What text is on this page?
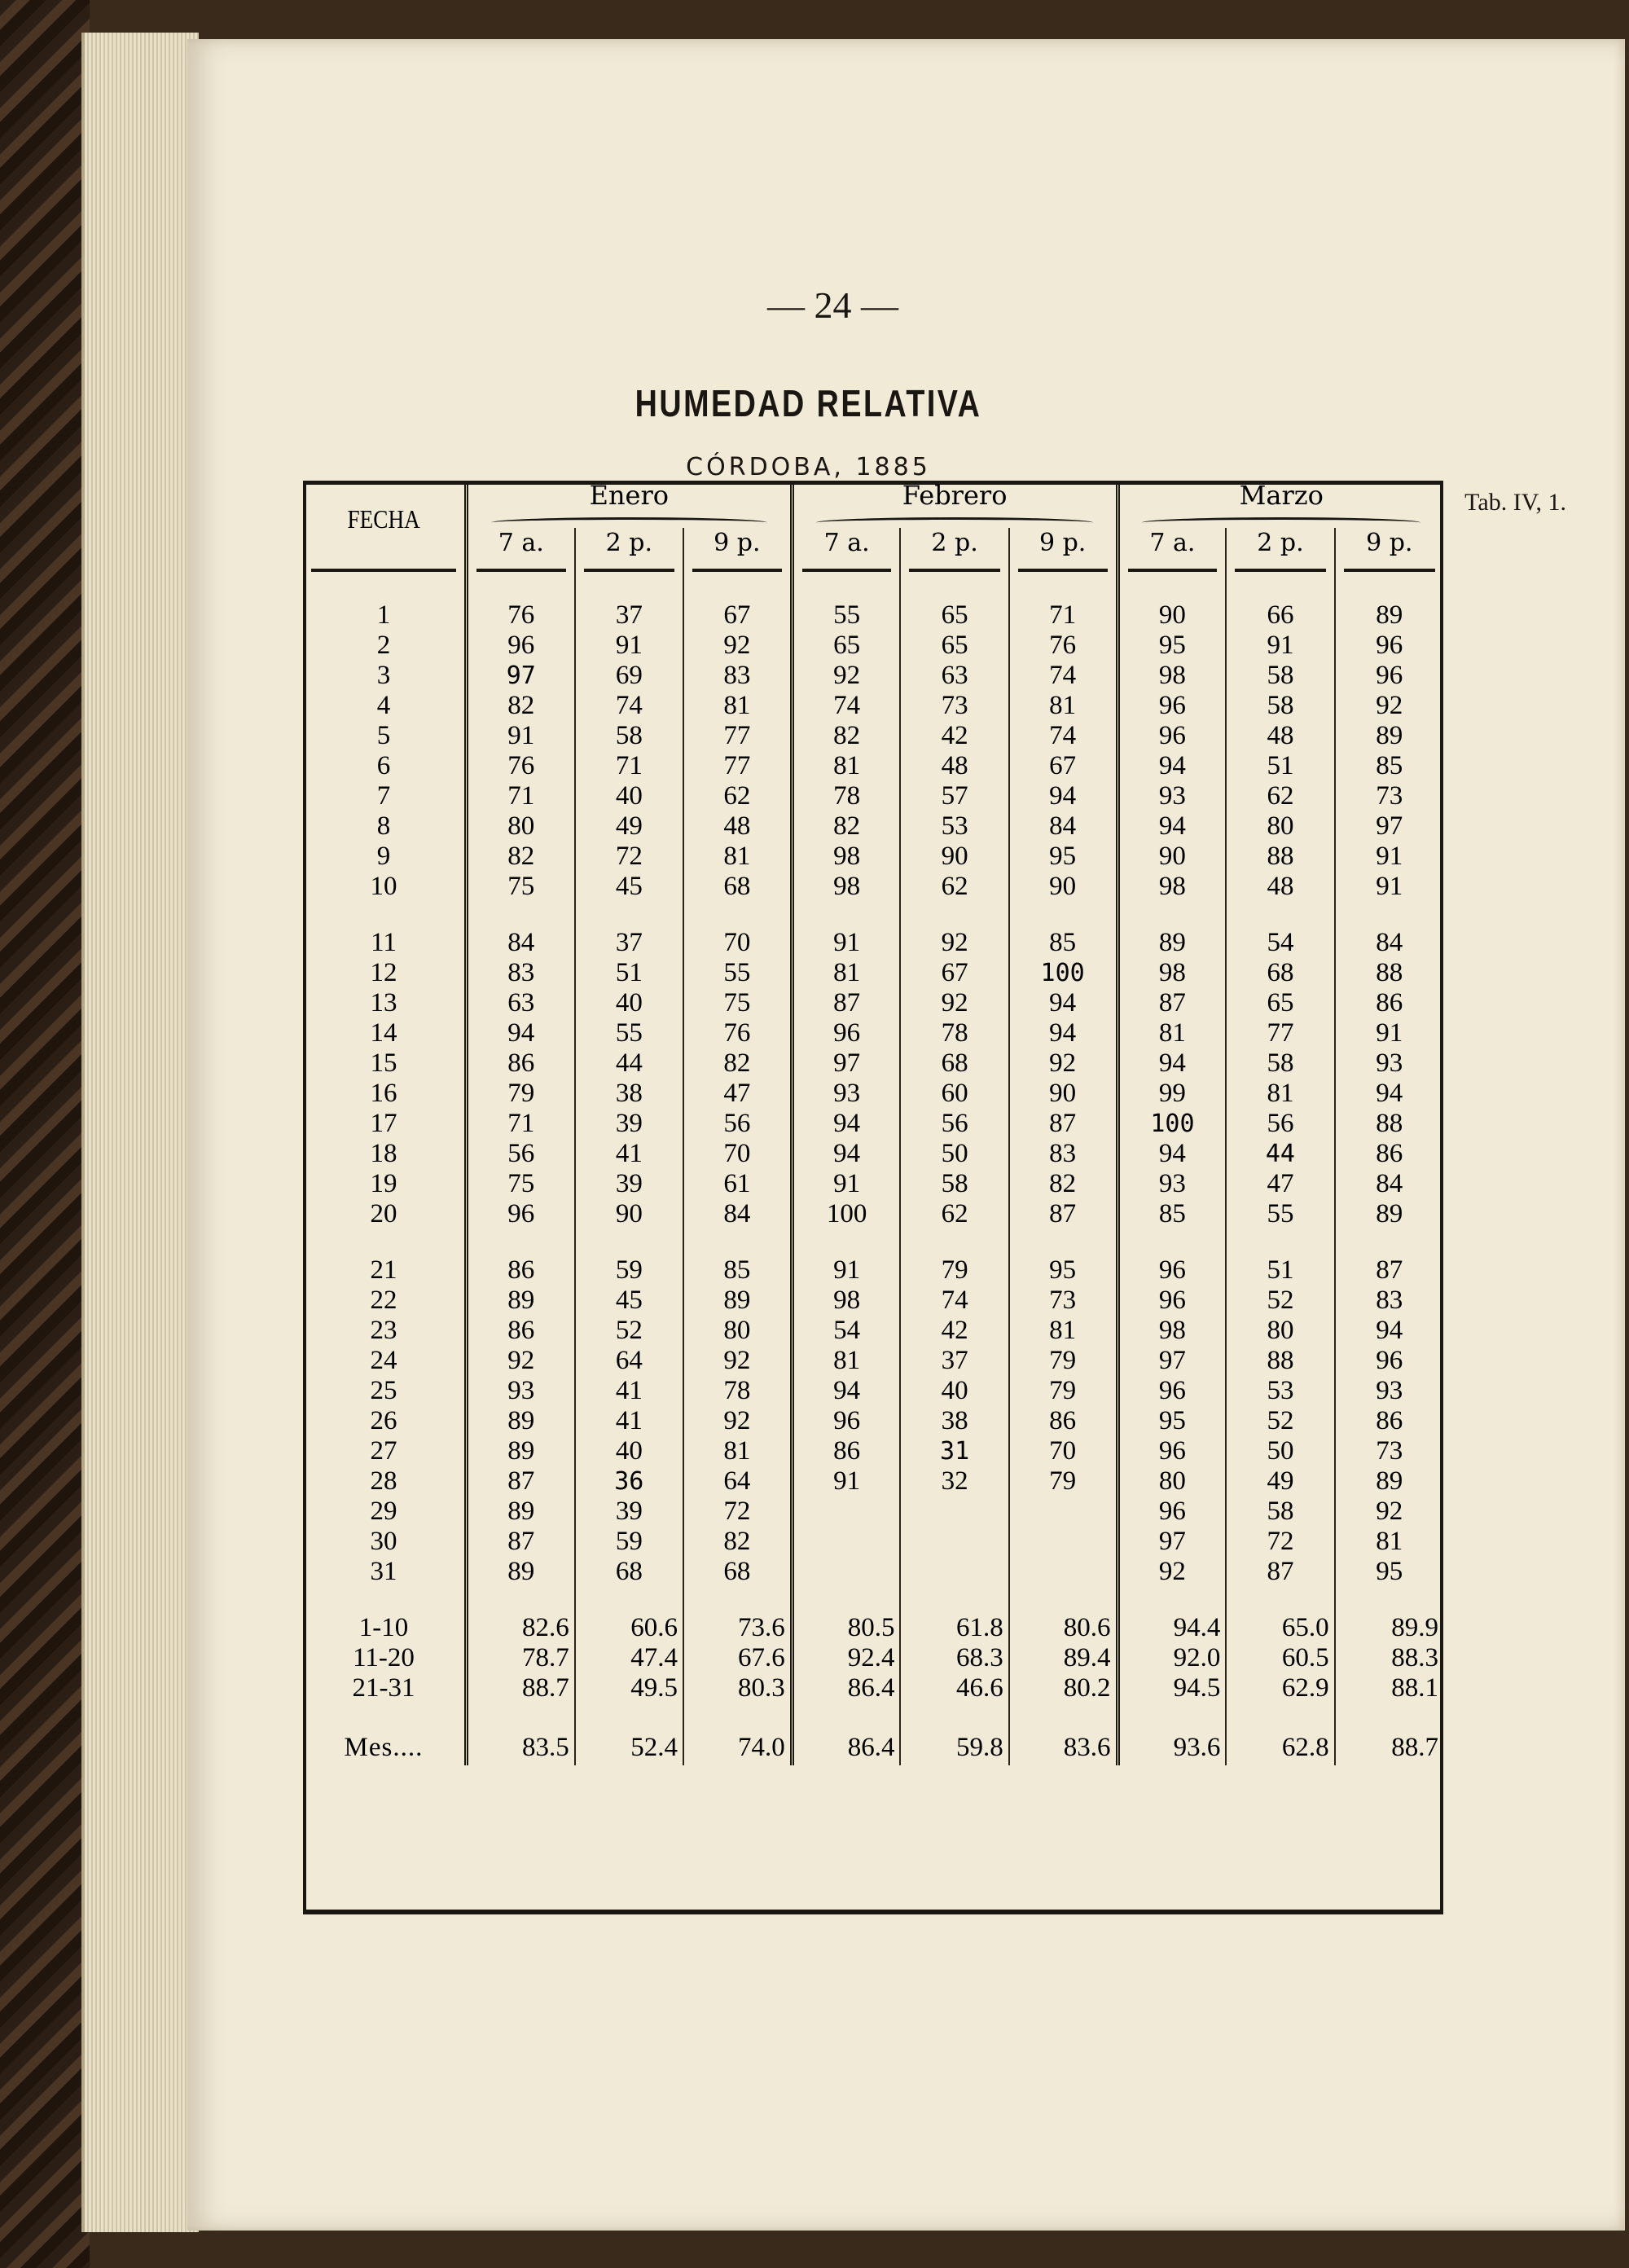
— 24 —
HUMEDAD RELATIVA
CÓRDOBA, 1885
Tab. IV, 1.
FECHA	Enero			Febrero			Marzo		

	7 a.	2 p.	9 p.	7 a.	2 p.	9 p.	7 a.	2 p.	9 p.

1	76	37	67	55	65	71	90	66	89
2	96	91	92	65	65	76	95	91	96
3	97	69	83	92	63	74	98	58	96
4	82	74	81	74	73	81	96	58	92
5	91	58	77	82	42	74	96	48	89
6	76	71	77	81	48	67	94	51	85
7	71	40	62	78	57	94	93	62	73
8	80	49	48	82	53	84	94	80	97
9	82	72	81	98	90	95	90	88	91
10	75	45	68	98	62	90	98	48	91

11	84	37	70	91	92	85	89	54	84
12	83	51	55	81	67	100	98	68	88
13	63	40	75	87	92	94	87	65	86
14	94	55	76	96	78	94	81	77	91
15	86	44	82	97	68	92	94	58	93
16	79	38	47	93	60	90	99	81	94
17	71	39	56	94	56	87	100	56	88
18	56	41	70	94	50	83	94	44	86
19	75	39	61	91	58	82	93	47	84
20	96	90	84	100	62	87	85	55	89

21	86	59	85	91	79	95	96	51	87
22	89	45	89	98	74	73	96	52	83
23	86	52	80	54	42	81	98	80	94
24	92	64	92	81	37	79	97	88	96
25	93	41	78	94	40	79	96	53	93
26	89	41	92	96	38	86	95	52	86
27	89	40	81	86	31	70	96	50	73
28	87	36	64	91	32	79	80	49	89
29	89	39	72				96	58	92
30	87	59	82				97	72	81
31	89	68	68				92	87	95

1-10	82.6	60.6	73.6	80.5	61.8	80.6	94.4	65.0	89.9
11-20	78.7	47.4	67.6	92.4	68.3	89.4	92.0	60.5	88.3
21-31	88.7	49.5	80.3	86.4	46.6	80.2	94.5	62.9	88.1

Mes....	83.5	52.4	74.0	86.4	59.8	83.6	93.6	62.8	88.7
